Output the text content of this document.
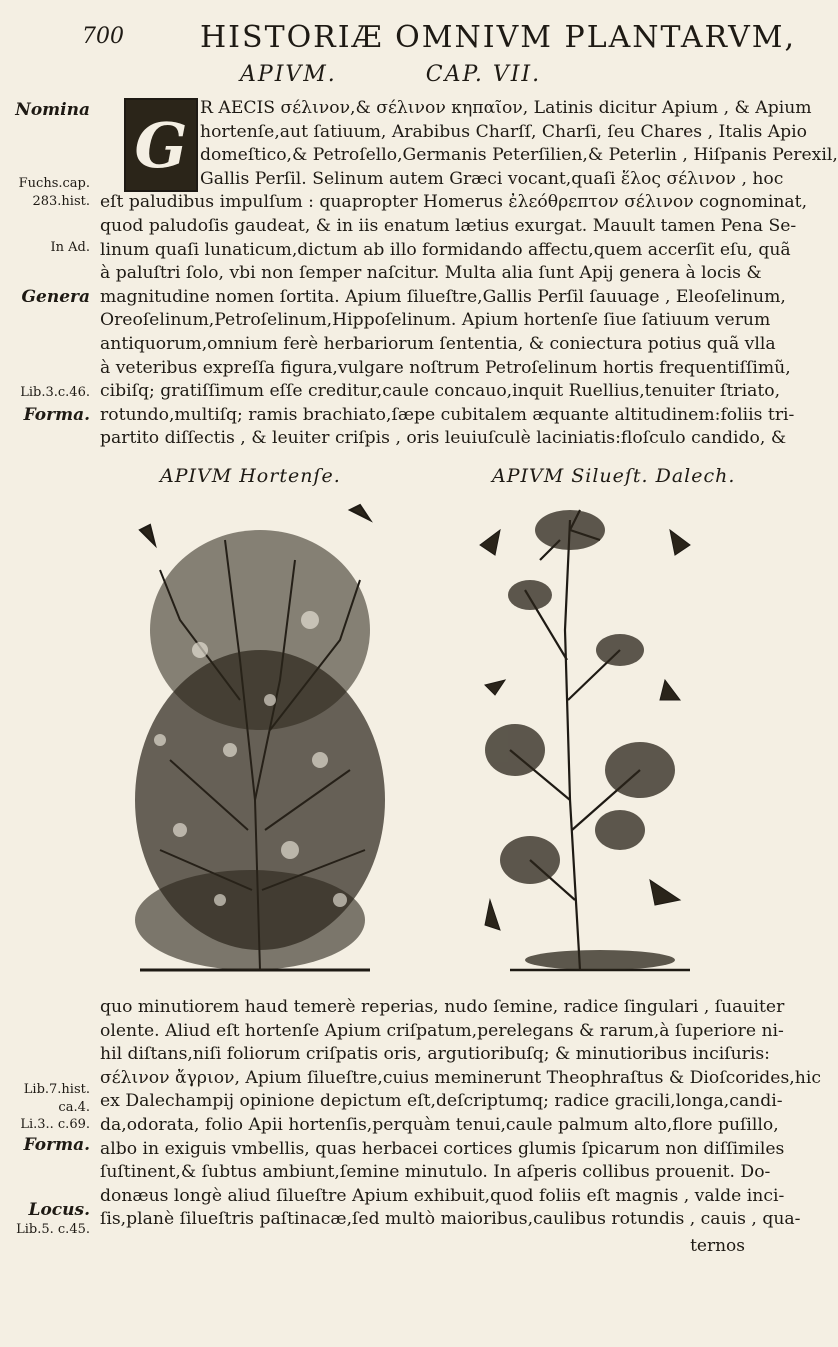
700	HISTORIÆ OMNIVM PLANTARVM,
APIVM.	CAP. VII.
G
Nomina
Fuchs.cap.
283.hist.
In Ad.
Genera
Lib.3.c.46.
Forma.
R AECIS σέλινον,& σέλινον κηπαῖον, Latinis dicitur Apium , & Apium
hortenſe,aut ſatiuum, Arabibus Charſſ, Charſi, ſeu Chares , Italis Apio
domeſtico,& Petroſello,Germanis Peterſilien,& Peterlin , Hiſpanis Perexil,
Gallis Perſil. Selinum autem Græci vocant,quaſi ἕλος σέλινον , hoc
eſt paludibus impulſum : quapropter Homerus ἐλεόθρεπτον σέλινον cognominat,
quod paludoſis gaudeat, & in iis enatum lætius exurgat. Mauult tamen Pena Se-
linum quaſi lunaticum,dictum ab illo formidando affectu,quem accerſit eſu, quã
à paluſtri ſolo, vbi non ſemper naſcitur. Multa alia ſunt Apij genera à locis &
magnitudine nomen ſortita. Apium ſilueſtre,Gallis Perſil ſauuage , Eleoſelinum,
Oreoſelinum,Petroſelinum,Hippoſelinum. Apium hortenſe ſiue ſatiuum verum
antiquorum,omnium ferè herbariorum ſententia, & coniectura potius quã vlla
à veteribus expreſſa figura,vulgare noſtrum Petroſelinum hortis frequentiſſimũ,
cibiſq; gratiſſimum eſſe creditur,caule concauo,inquit Ruellius,tenuiter ſtriato,
rotundo,multiſq; ramis brachiato,ſæpe cubitalem æquante altitudinem:foliis tri-
partito diſſectis , & leuiter criſpis , oris leuiuſculè laciniatis:floſculo candido, &
APIVM Hortenſe.	APIVM Silueſt. Dalech.
Lib.7.hist.
ca.4.
Li.3.. c.69.
Forma.
Locus.
Lib.5. c.45.
quo minutiorem haud temerè reperias, nudo ſemine, radice ſingulari , ſuauiter
olente. Aliud eſt hortenſe Apium criſpatum,perelegans & rarum,à ſuperiore ni-
hil diſtans,niſi foliorum criſpatis oris, argutioribuſq; & minutioribus inciſuris:
σέλινον ἄγριον, Apium ſilueſtre,cuius meminerunt Theophraſtus & Dioſcorides,hic
ex Dalechampij opinione depictum eſt,deſcriptumq; radice gracili,longa,candi-
da,odorata, folio Apii hortenſis,perquàm tenui,caule palmum alto,flore puſillo,
albo in exiguis vmbellis, quas herbacei cortices glumis ſpicarum non diſſimiles
ſuſtinent,& ſubtus ambiunt,ſemine minutulo. In aſperis collibus prouenit. Do-
donæus longè aliud ſilueſtre Apium exhibuit,quod foliis eſt magnis , valde inci-
ſis,planè ſilueſtris paſtinacæ,ſed multò maioribus,caulibus rotundis , cauis , qua-
ternos
